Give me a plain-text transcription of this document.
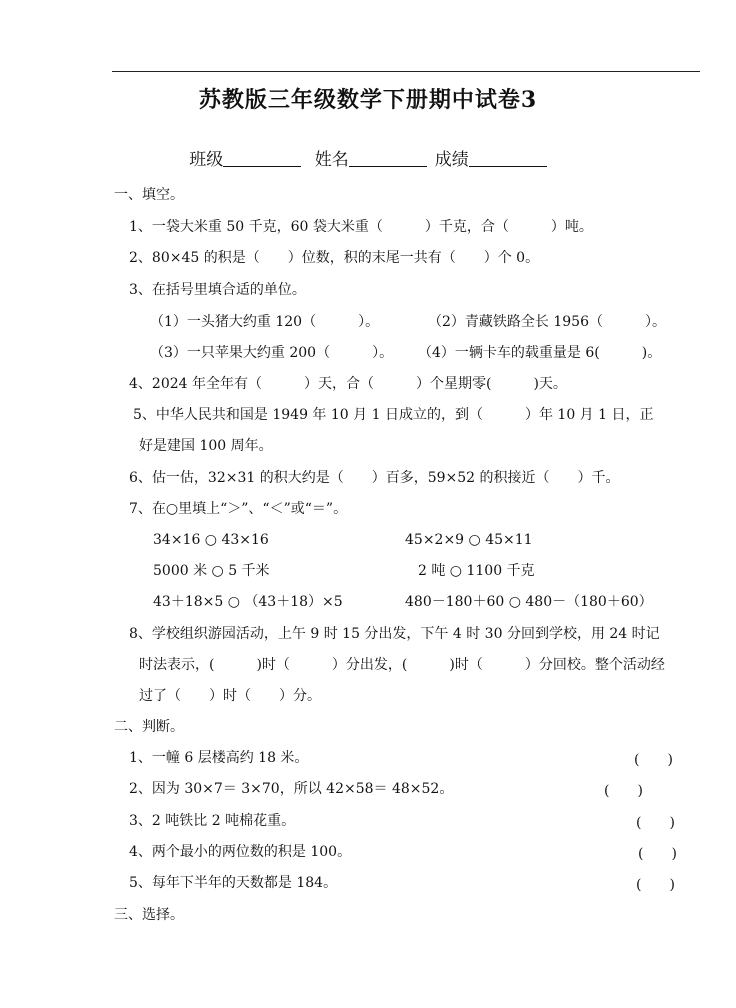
苏教版三年级数学下册期中试卷3
班级	姓名	成绩
一、填空。
1、一袋大米重 50 千克，60 袋大米重（　　　）千克，合（　　　）吨。
2、80×45 的积是（　　）位数，积的末尾一共有（　　）个 0。
3、在括号里填合适的单位。
（1）一头猪大约重 120（　　　）。	（2）青藏铁路全长 1956（　　　）。
（3）一只苹果大约重 200（　　　）。 （4）一辆卡车的载重量是 6(　　　)。
4、2024 年全年有（　　　）天，合（　　　）个星期零(　　　)天。
5、中华人民共和国是 1949 年 10 月 1 日成立的，到（　　　）年 10 月 1 日，正
好是建国 100 周年。
6、估一估，32×31 的积大约是（　　）百多，59×52 的积接近（　　）千。
7、在○里填上“＞”、“＜”或“＝”。
34×16 ○ 43×16	45×2×9 ○ 45×11
5000 米 ○ 5 千米	2 吨 ○ 1100 千克
43＋18×5 ○ （43＋18）×5	480－180＋60 ○ 480－（180＋60）
8、学校组织游园活动，上午 9 时 15 分出发，下午 4 时 30 分回到学校，用 24 时记
时法表示，(　　　)时（　　　）分出发，(　　　)时（　　　）分回校。整个活动经
过了（　　）时（　　）分。
二、判断。
1、一幢 6 层楼高约 18 米。	(　　)
2、因为 30×7＝ 3×70，所以 42×58＝ 48×52。	(　　)
3、2 吨铁比 2 吨棉花重。	(　　)
4、两个最小的两位数的积是 100。	(　　)
5、每年下半年的天数都是 184。	(　　)
三、选择。
